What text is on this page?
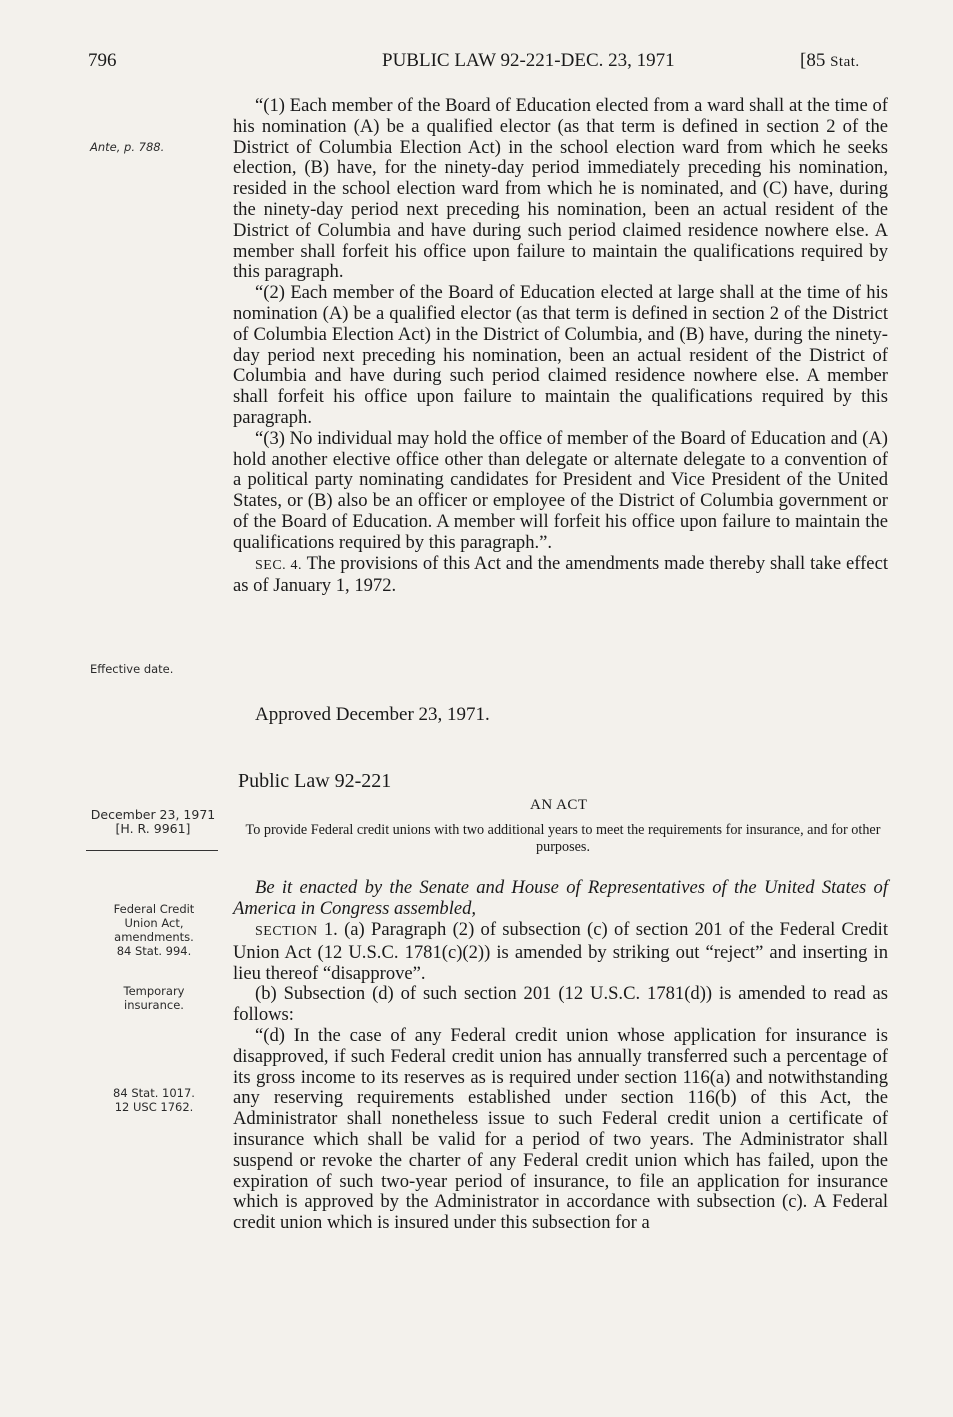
796	PUBLIC LAW 92-221-DEC. 23, 1971	[85 Stat.
Ante, p. 788.

“(1) Each member of the Board of Education elected from a ward shall at the time of his nomination (A) be a qualified elector (as that term is defined in section 2 of the District of Columbia Election Act) in the school election ward from which he seeks election, (B) have, for the ninety-day period immediately preceding his nomination, resided in the school election ward from which he is nominated, and (C) have, during the ninety-day period next preceding his nomination, been an actual resident of the District of Columbia and have during such period claimed residence nowhere else. A member shall forfeit his office upon failure to maintain the qualifications required by this paragraph.

“(2) Each member of the Board of Education elected at large shall at the time of his nomination (A) be a qualified elector (as that term is defined in section 2 of the District of Columbia Election Act) in the District of Columbia, and (B) have, during the ninety-day period next preceding his nomination, been an actual resident of the District of Columbia and have during such period claimed residence nowhere else. A member shall forfeit his office upon failure to maintain the qualifications required by this paragraph.

“(3) No individual may hold the office of member of the Board of Education and (A) hold another elective office other than delegate or alternate delegate to a convention of a political party nominating candidates for President and Vice President of the United States, or (B) also be an officer or employee of the District of Columbia government or of the Board of Education. A member will forfeit his office upon failure to maintain the qualifications required by this paragraph.”.

SEC. 4. The provisions of this Act and the amendments made thereby shall take effect as of January 1, 1972.

Effective date.
Approved December 23, 1971.
Public Law 92-221
AN ACT
December 23, 1971
[H. R. 9961]	To provide Federal credit unions with two additional years to meet the requirements for insurance, and for other purposes.
Federal Credit
Union Act,
amendments.
84 Stat. 994.
Be it enacted by the Senate and House of Representatives of the United States of America in Congress assembled,

SECTION 1. (a) Paragraph (2) of subsection (c) of section 201 of the Federal Credit Union Act (12 U.S.C. 1781(c)(2)) is amended by striking out “reject” and inserting in lieu thereof “disapprove”.

(b) Subsection (d) of such section 201 (12 U.S.C. 1781(d)) is amended to read as follows:

“(d) In the case of any Federal credit union whose application for insurance is disapproved, if such Federal credit union has annually transferred such a percentage of its gross income to its reserves as is required under section 116(a) and notwithstanding any reserving requirements established under section 116(b) of this Act, the Administrator shall nonetheless issue to such Federal credit union a certificate of insurance which shall be valid for a period of two years. The Administrator shall suspend or revoke the charter of any Federal credit union which has failed, upon the expiration of such two-year period of insurance, to file an application for insurance which is approved by the Administrator in accordance with subsection (c). A Federal credit union which is insured under this subsection for a

Temporary
insurance.
84 Stat. 1017.
12 USC 1762.
